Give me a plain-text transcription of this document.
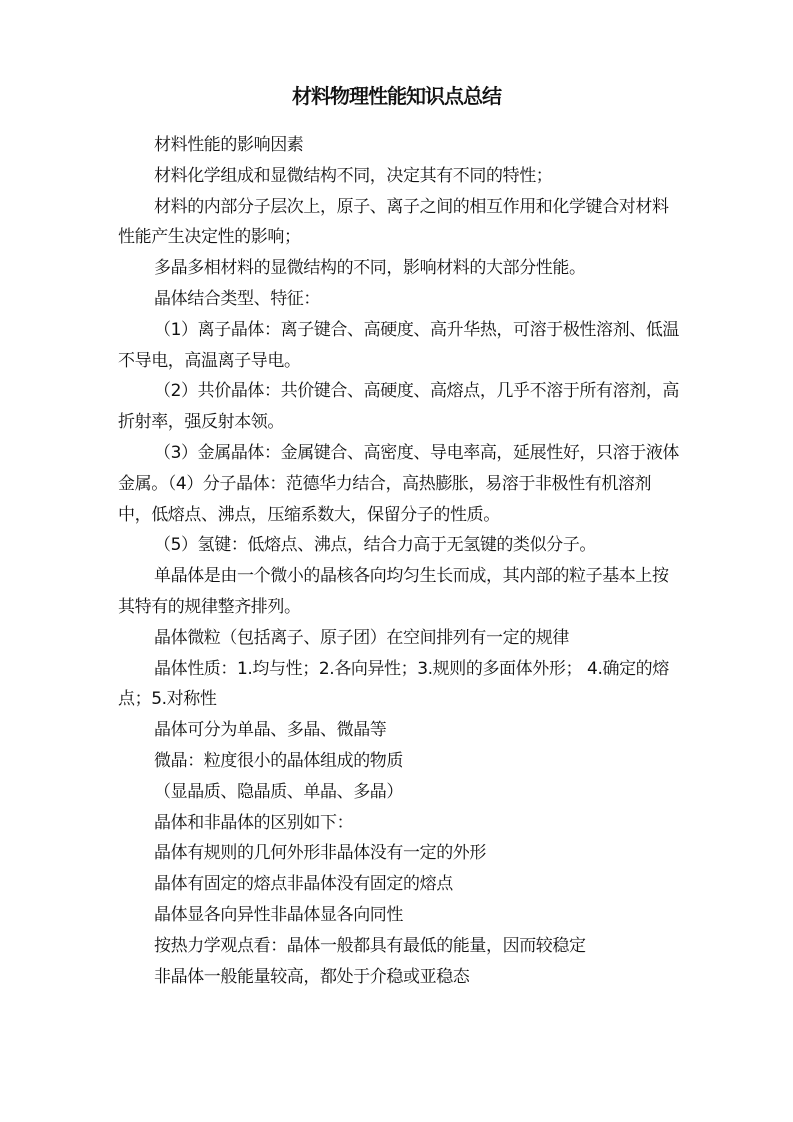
材料物理性能知识点总结

材料性能的影响因素

材料化学组成和显微结构不同，决定其有不同的特性；

材料的内部分子层次上，原子、离子之间的相互作用和化学键合对材料性能产生决定性的影响；

多晶多相材料的显微结构的不同，影响材料的大部分性能。

晶体结合类型、特征：

（1）离子晶体：离子键合、高硬度、高升华热，可溶于极性溶剂、低温不导电，高温离子导电。

（2）共价晶体：共价键合、高硬度、高熔点，几乎不溶于所有溶剂，高折射率，强反射本领。

（3）金属晶体：金属键合、高密度、导电率高，延展性好，只溶于液体金属。（4）分子晶体：范德华力结合，高热膨胀，易溶于非极性有机溶剂中，低熔点、沸点，压缩系数大，保留分子的性质。

（5）氢键：低熔点、沸点，结合力高于无氢键的类似分子。

单晶体是由一个微小的晶核各向均匀生长而成，其内部的粒子基本上按其特有的规律整齐排列。

晶体微粒（包括离子、原子团）在空间排列有一定的规律

晶体性质：1.均与性；2.各向异性；3.规则的多面体外形； 4.确定的熔点；5.对称性

晶体可分为单晶、多晶、微晶等

微晶：粒度很小的晶体组成的物质

（显晶质、隐晶质、单晶、多晶）

晶体和非晶体的区别如下：

晶体有规则的几何外形非晶体没有一定的外形

晶体有固定的熔点非晶体没有固定的熔点

晶体显各向异性非晶体显各向同性

按热力学观点看：晶体一般都具有最低的能量，因而较稳定

非晶体一般能量较高，都处于介稳或亚稳态
